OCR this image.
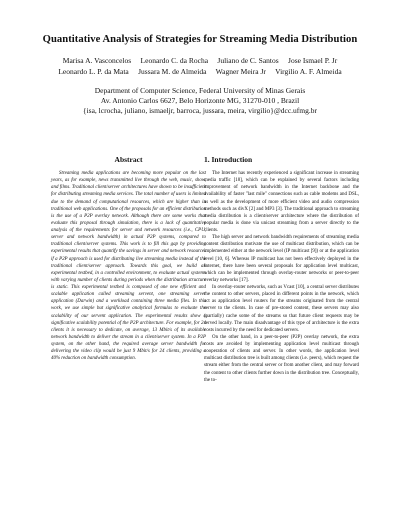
Quantitative Analysis of Strategies for Streaming Media Distribution
Marisa A. Vasconcelos     Leonardo C. da Rocha     Juliano de C. Santos     Jose Ismael P. Jr
Leonardo L. P. da Mata     Jussara M. de Almeida     Wagner Meira Jr     Virgilio A. F. Almeida
Department of Computer Science, Federal University of Minas Gerais
Av. Antonio Carlos 6627, Belo Horizonte MG, 31270-010 , Brazil
{isa, lcrocha, juliano, ismaeljr, barroca, jussara, meira, virgilio}@dcc.ufmg.br
Abstract

Streaming media applications are becoming more popular on the last years, as for example, news transmitted live through the web, music, show, and films. Traditional client/server architectures have shown to be insufficient for distributing streaming media services. The total number of users is limited due to the demand of computational resources, which are higher than in traditional web applications. One of the proposals for an efficient distribution is the use of a P2P overlay network. Although there are some works that evaluate this proposal through simulation, there is a lack of quantitative analysis of the requirements for server and network resources (i.e., CPU, server and network bandwidth) in actual P2P systems, compared to traditional client/server systems. This work is to fill this gap by providing experimental results that quantify the savings in server and network resources if a P2P approach is used for distributing live streaming media instead of the traditional client/server approach. Towards this goal, we build an experimental testbed, in a controlled environment, to evaluate actual systems with varying number of clients during periods when the distribution structure is static. This experimental testbed is composed of one new efficient and scalable application called streaming servent, one streaming server application (Darwin) and a workload containing three media files. In this work, we use simple but significative analytical formulas to evaluate the scalability of our servent application. The experimental results show a significative scalability potential of the P2P architecture. For example, for 24 clients it is necessary to dedicate, on average, 13 Mbit/s of its available network bandwidth to deliver the stream in a client/server system. In a P2P system, on the other hand, the required average server bandwidth for delivering the video clip would be just 9 Mbit/s for 24 clients, providing a 40% reduction on bandwidth consumption.

1. Introduction

The Internet has recently experienced a significant increase in streaming media traffic [18], which can be explained by several factors including improvement of network bandwidth in the Internet backbone and the availability of faster "last mile" connections such as cable modems and DSL, as well as the development of more efficient video and audio compression methods such as divX [2] and MP3 [3]. The traditional approach to streaming media distribution is a client/server architecture where the distribution of popular media is done via unicast streaming from a server directly to the clients.

The high server and network bandwidth requirements of streaming media content distribution motivate the use of multicast distribution, which can be implemented either at the network level (IP multicast [9]) or at the application level [10, 6]. Whereas IP multicast has not been effectively deployed in the Internet, there have been several proposals for application level multicast, which can be implemented through overlay-router networks or peer-to-peer overlay networks [17].

In overlay-router networks, such as Vcast [10], a central server distributes the content to other servers, placed in different points in the network, which act as application level routers for the streams originated from the central server to the clients. In case of pre-stored content, these servers may also (partially) cache some of the streams so that future client requests may be served locally. The main disadvantage of this type of architecture is the extra costs incurred by the need for dedicated servers.

On the other hand, in a peer-to-peer (P2P) overlay network, the extra costs are avoided by implementing application level multicast through cooperation of clients and server. In other words, the application level multicast distribution tree is built among clients (i.e. peers), which request the stream either from the central server or from another client, and may forward the content to other clients further down in the distribution tree. Conceptually, the to-
